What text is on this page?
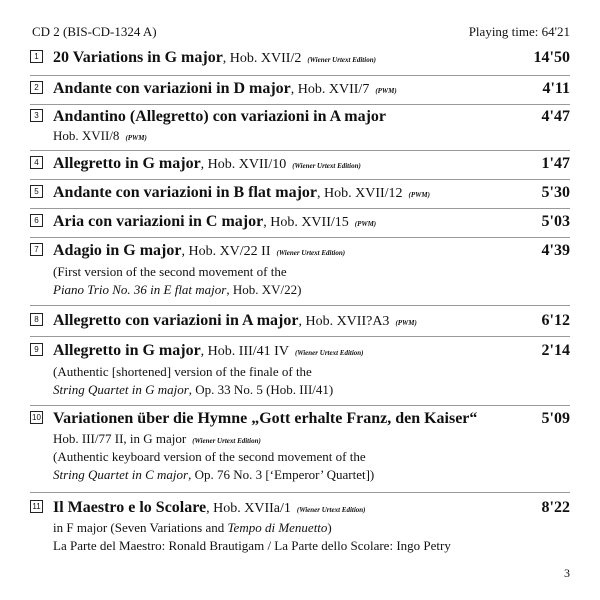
CD 2 (BIS-CD-1324 A)	Playing time: 64'21
1 20 Variations in G major, Hob. XVII/2 (Wiener Urtext Edition)	14'50
2 Andante con variazioni in D major, Hob. XVII/7 (PWM)	4'11
3 Andantino (Allegretto) con variazioni in A major	4'47
Hob. XVII/8 (PWM)
4 Allegretto in G major, Hob. XVII/10 (Wiener Urtext Edition)	1'47
5 Andante con variazioni in B flat major, Hob. XVII/12 (PWM)	5'30
6 Aria con variazioni in C major, Hob. XVII/15 (PWM)	5'03
7 Adagio in G major, Hob. XV/22 II (Wiener Urtext Edition)	4'39
(First version of the second movement of the
Piano Trio No. 36 in E flat major, Hob. XV/22)
8 Allegretto con variazioni in A major, Hob. XVII?A3 (PWM)	6'12
9 Allegretto in G major, Hob. III/41 IV (Wiener Urtext Edition)	2'14
(Authentic [shortened] version of the finale of the
String Quartet in G major, Op. 33 No. 5 (Hob. III/41)
10 Variationen über die Hymne „Gott erhalte Franz, den Kaiser“	5'09
Hob. III/77 II, in G major (Wiener Urtext Edition)
(Authentic keyboard version of the second movement of the
String Quartet in C major, Op. 76 No. 3 [‘Emperor’ Quartet])
11 Il Maestro e lo Scolare, Hob. XVIIa/1 (Wiener Urtext Edition)	8'22
in F major (Seven Variations and Tempo di Menuetto)
La Parte del Maestro: Ronald Brautigam / La Parte dello Scolare: Ingo Petry
3
